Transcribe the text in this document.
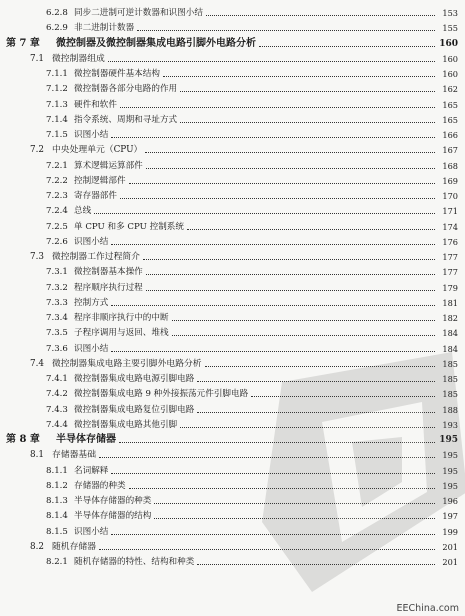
6.2.8 同步二进制可逆计数器和识图小结	153
6.2.9 非二进制计数器	155
第 7 章	微控制器及微控制器集成电路引脚外电路分析	160
7.1 微控制器组成	160
7.1.1 微控制器硬件基本结构	160
7.1.2 微控制器各部分电路的作用	162
7.1.3 硬件和软件	165
7.1.4 指令系统、周期和寻址方式	165
7.1.5 识图小结	166
7.2 中央处理单元（CPU）	167
7.2.1 算术逻辑运算部件	168
7.2.2 控制逻辑部件	169
7.2.3 寄存器部件	170
7.2.4 总线	171
7.2.5 单 CPU 和多 CPU 控制系统	174
7.2.6 识图小结	176
7.3 微控制器工作过程简介	177
7.3.1 微控制器基本操作	177
7.3.2 程序顺序执行过程	179
7.3.3 控制方式	181
7.3.4 程序非顺序执行中的中断	182
7.3.5 子程序调用与返回、堆栈	184
7.3.6 识图小结	184
7.4 微控制器集成电路主要引脚外电路分析	185
7.4.1 微控制器集成电路电源引脚电路	185
7.4.2 微控制器集成电路 9 种外接振荡元件引脚电路	185
7.4.3 微控制器集成电路复位引脚电路	188
7.4.4 微控制器集成电路其他引脚	193
第 8 章	半导体存储器	195
8.1 存储器基础	195
8.1.1 名词解释	195
8.1.2 存储器的种类	195
8.1.3 半导体存储器的种类	196
8.1.4 半导体存储器的结构	197
8.1.5 识图小结	199
8.2 随机存储器	201
8.2.1 随机存储器的特性、结构和种类	201
EEChina.com
